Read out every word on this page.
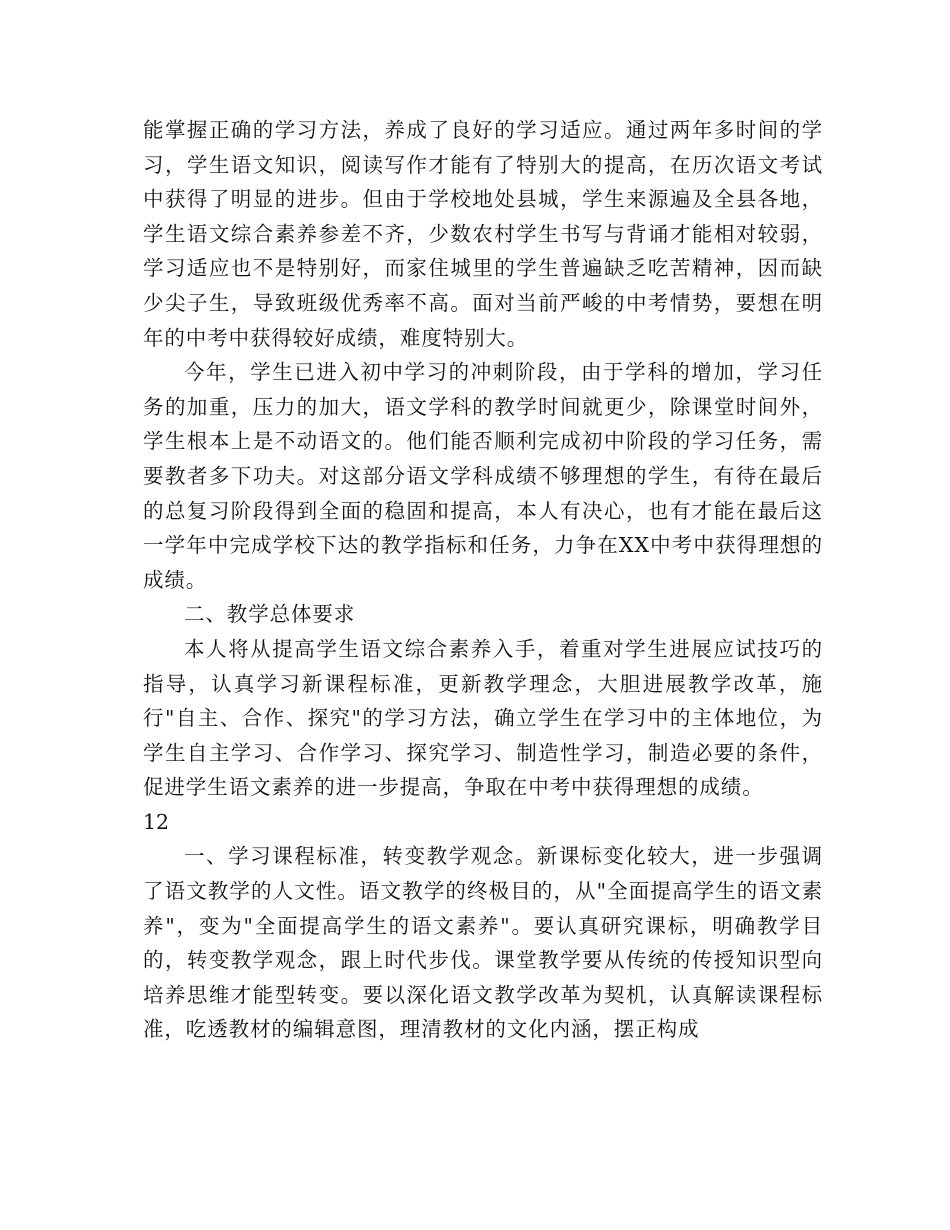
能掌握正确的学习方法，养成了良好的学习适应。通过两年多时间的学习，学生语文知识，阅读写作才能有了特别大的提高，在历次语文考试中获得了明显的进步。但由于学校地处县城，学生来源遍及全县各地，学生语文综合素养参差不齐，少数农村学生书写与背诵才能相对较弱，学习适应也不是特别好，而家住城里的学生普遍缺乏吃苦精神，因而缺少尖子生，导致班级优秀率不高。面对当前严峻的中考情势，要想在明年的中考中获得较好成绩，难度特别大。

今年，学生已进入初中学习的冲刺阶段，由于学科的增加，学习任务的加重，压力的加大，语文学科的教学时间就更少，除课堂时间外，学生根本上是不动语文的。他们能否顺利完成初中阶段的学习任务，需要教者多下功夫。对这部分语文学科成绩不够理想的学生，有待在最后的总复习阶段得到全面的稳固和提高，本人有决心，也有才能在最后这一学年中完成学校下达的教学指标和任务，力争在XX中考中获得理想的成绩。

二、教学总体要求

本人将从提高学生语文综合素养入手，着重对学生进展应试技巧的指导，认真学习新课程标准，更新教学理念，大胆进展教学改革，施行"自主、合作、探究"的学习方法，确立学生在学习中的主体地位，为学生自主学习、合作学习、探究学习、制造性学习，制造必要的条件，促进学生语文素养的进一步提高，争取在中考中获得理想的成绩。

12

一、学习课程标准，转变教学观念。新课标变化较大，进一步强调了语文教学的人文性。语文教学的终极目的，从"全面提高学生的语文素养"，变为"全面提高学生的语文素养"。要认真研究课标，明确教学目的，转变教学观念，跟上时代步伐。课堂教学要从传统的传授知识型向培养思维才能型转变。要以深化语文教学改革为契机，认真解读课程标准，吃透教材的编辑意图，理清教材的文化内涵，摆正构成
